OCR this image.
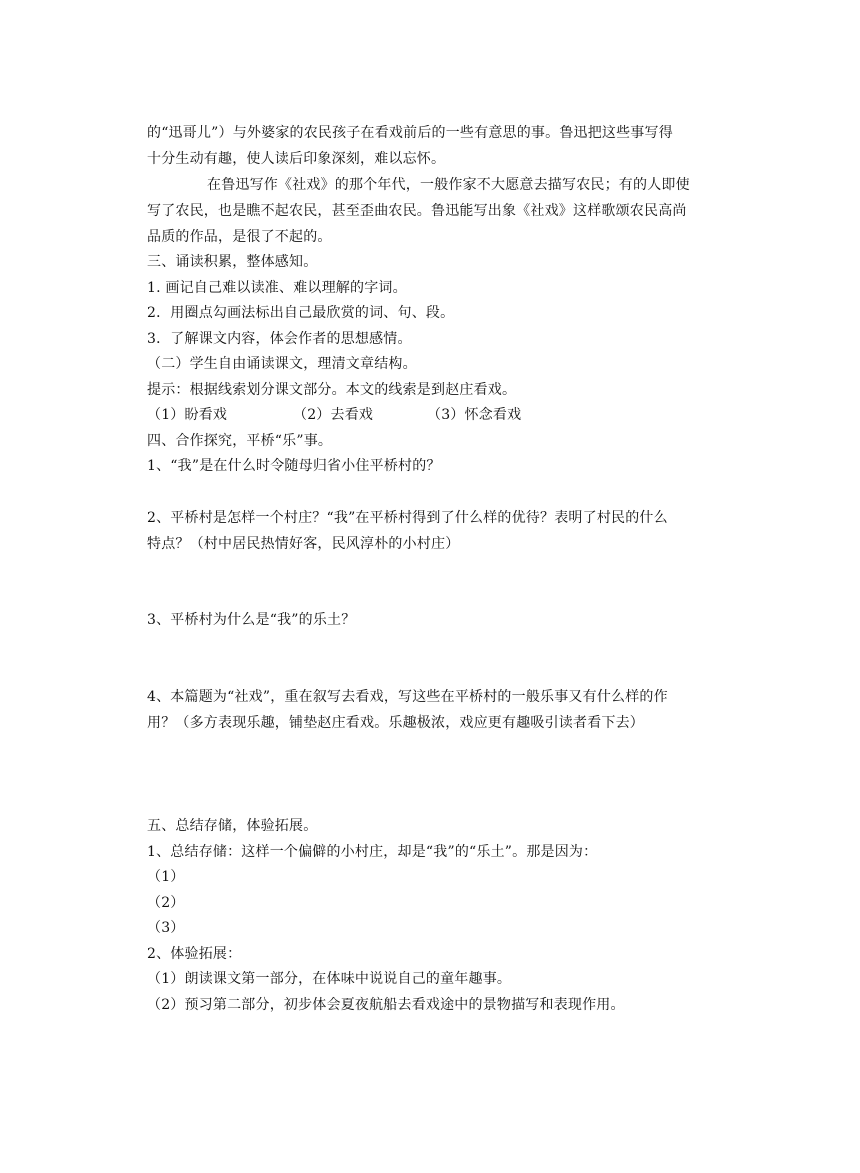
的“迅哥儿”）与外婆家的农民孩子在看戏前后的一些有意思的事。鲁迅把这些事写得
十分生动有趣，使人读后印象深刻，难以忘怀。
在鲁迅写作《社戏》的那个年代，一般作家不大愿意去描写农民；有的人即使
写了农民，也是瞧不起农民，甚至歪曲农民。鲁迅能写出象《社戏》这样歌颂农民高尚
品质的作品，是很了不起的。
三、诵读积累，整体感知。
1. 画记自己难以读准、难以理解的字词。
2．用圈点勾画法标出自己最欣赏的词、句、段。
3．了解课文内容，体会作者的思想感情。
（二）学生自由诵读课文，理清文章结构。
提示：根据线索划分课文部分。本文的线索是到赵庄看戏。
（1）盼看戏	（2）去看戏	（3）怀念看戏
四、合作探究，平桥“乐”事。
1、“我”是在什么时令随母归省小住平桥村的？
2、平桥村是怎样一个村庄？“我”在平桥村得到了什么样的优待？表明了村民的什么
特点？（村中居民热情好客，民风淳朴的小村庄）
3、平桥村为什么是“我”的乐土？
4、本篇题为“社戏”，重在叙写去看戏，写这些在平桥村的一般乐事又有什么样的作
用？（多方表现乐趣，铺垫赵庄看戏。乐趣极浓，戏应更有趣吸引读者看下去）
五、总结存储，体验拓展。
1、总结存储：这样一个偏僻的小村庄，却是“我”的“乐土”。那是因为：
（1）
（2）
（3）
2、体验拓展：
（1）朗读课文第一部分，在体味中说说自己的童年趣事。
（2）预习第二部分，初步体会夏夜航船去看戏途中的景物描写和表现作用。
